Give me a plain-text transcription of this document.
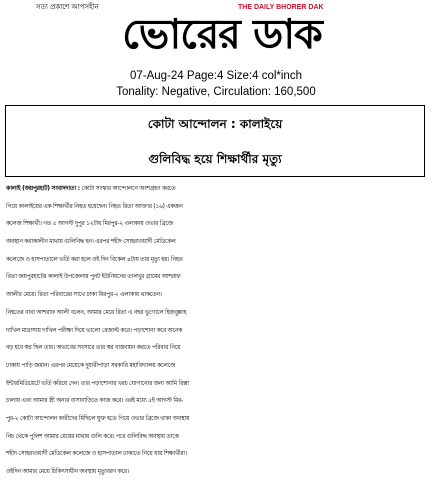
সত্য প্রকাশে আপসহীন	THE DAILY BHORER DAK
ভোরের ডাক
07-Aug-24 Page:4 Size:4 col*inch
Tonality: Negative, Circulation: 160,500
কোটা আন্দোলন : কালাইয়ে
গুলিবিদ্ধ হয়ে শিক্ষার্থীর মৃত্যু
কালাই (জয়পুরহাট) সংবাদদাতা : কোটা সংস্কার আন্দোলনে অংশগ্রহণ করতে
গিয়ে কালাইয়ের এক শিক্ষার্থীর নিহত হয়েছেন। নিহত রিতা আক্তার (১৬) একজন
কলেজ শিক্ষার্থী। গত ৫ আগস্ট দুপুর ১২টায় মিরপুর-২ এলাকায় ওভার ব্রিজে
অবস্থান করাকালীন মাথায় গুলিবিদ্ধ হন। এরপর শহীদ সোহরাওয়ার্দী মেডিকেল
কলেজে ও হাসপাতালে ভর্তি করা হলে ওই দিন বিকেল ৪টায় তার মৃত্যু হয়। নিহত
রিতা জয়পুরহাটের কালাই উপজেলার পুনট ইউনিয়নের তালখুর গ্রামের আশরাফ
আলীর মেয়ে। রিতা পরিবারের সাথে ঢাকা মিরপুর-২ এলাকায় থাকতেন।
নিহতের বাবা আশরাফ আলী বলেন, আমার মেয়ে রিতা এ বছর ভুগোলে হিজবুল্লাহ
দাখিল মাদ্রাসায় দাখিল পরীক্ষা দিয়ে ভালো রেজাল্ট করে। পড়াশোনা করে অনেক
বড় হবে স্বপ্ন ছিল তার। অভাবের সংসারে তার স্বপ্ন বাস্তবায়ন করতে পরিবার নিয়ে
ঢাকায় পাড়ি জমান। এরপর মেয়েকে দুয়ারীপাড়া সরকারি মহাবিদ্যালয় কলেজে
ইন্টারমিডিয়েটে ভর্তি করিয়ে দেন। তার পড়াশোনার খরচ যোগানোর জন্য আমি রিক্সা
চালায় এবং আমার স্ত্রী অন্যর বাসাবাড়িতে কাজ করে। এরই মধ্যে ৫ই আগস্ট মির-
পুর-২ কোটা আন্দোলন কারীদের মিছিলে যুক্ত হতে গিয়ে ওভার ব্রিজে থাকা অবস্থায়
নিচ থেকে পুলিশ আমার মেয়ের মাথায় গুলি করে। পরে গুলিবিদ্ধ অবস্থায় তাকে
শহীদ সোহরাওয়ার্দী মেডিকেল কলেজে ও হাসপাতাল ঢাকাতে নিয়ে যায় শিক্ষার্থীরা।
ওইদিন আমার মেয়ে চিকিৎসাধীন অবস্থায় মৃত্যুবরণ করে।
